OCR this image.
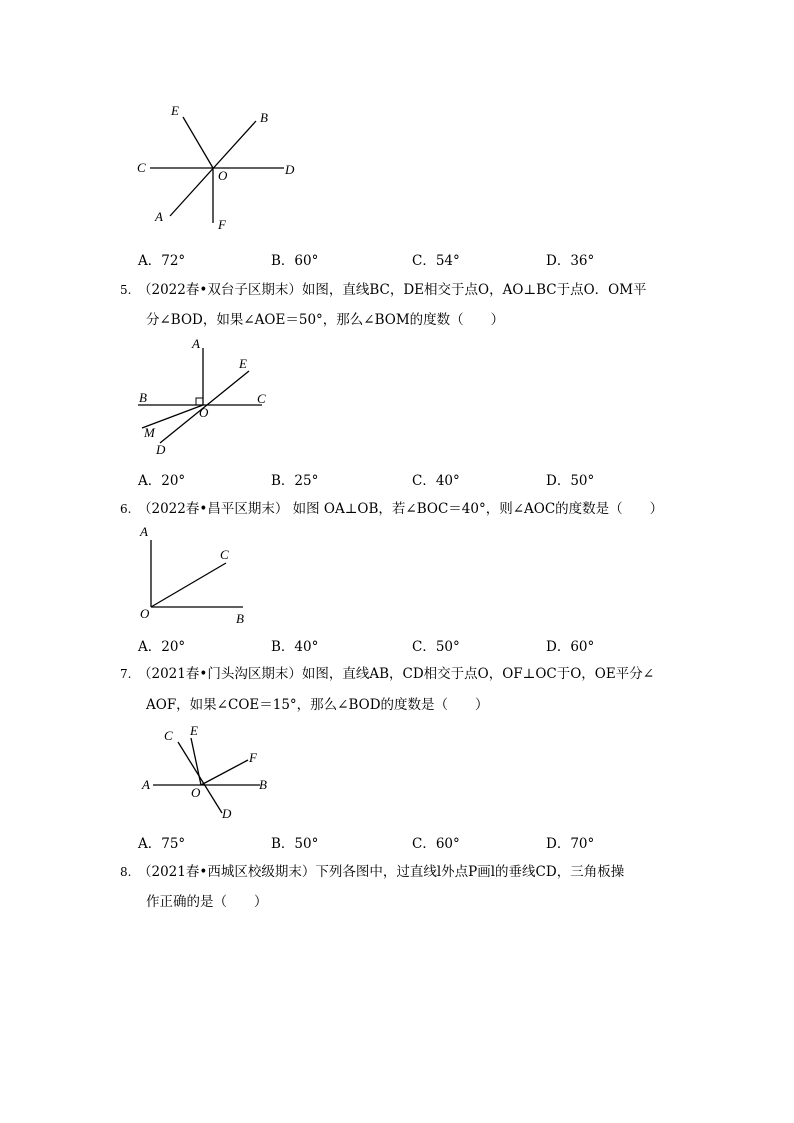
E	B
C
O	D
A
F
A．72°	B．60°	C．54°	D．36°
5. （2022春•双台子区期末）如图，直线BC，DE相交于点O，AO⊥BC于点O．OM平
分∠BOD，如果∠AOE＝50°，那么∠BOM的度数（　　）
A
E
B
O
C
M
D
A．20°	B．25°	C．40°	D．50°
6. （2022春•昌平区期末） 如图 OA⊥OB，若∠BOC＝40°，则∠AOC的度数是（　　）
A
C
O	B
A．20°	B．40°	C．50°	D．60°
7. （2021春•门头沟区期末）如图，直线AB，CD相交于点O，OF⊥OC于O，OE平分∠
AOF，如果∠COE＝15°，那么∠BOD的度数是（　　）
C E
F
A
O
B
D
A．75°	B．50°	C．60°	D．70°
8. （2021春•西城区校级期末）下列各图中，过直线l外点P画l的垂线CD，三角板操
作正确的是（　　）
